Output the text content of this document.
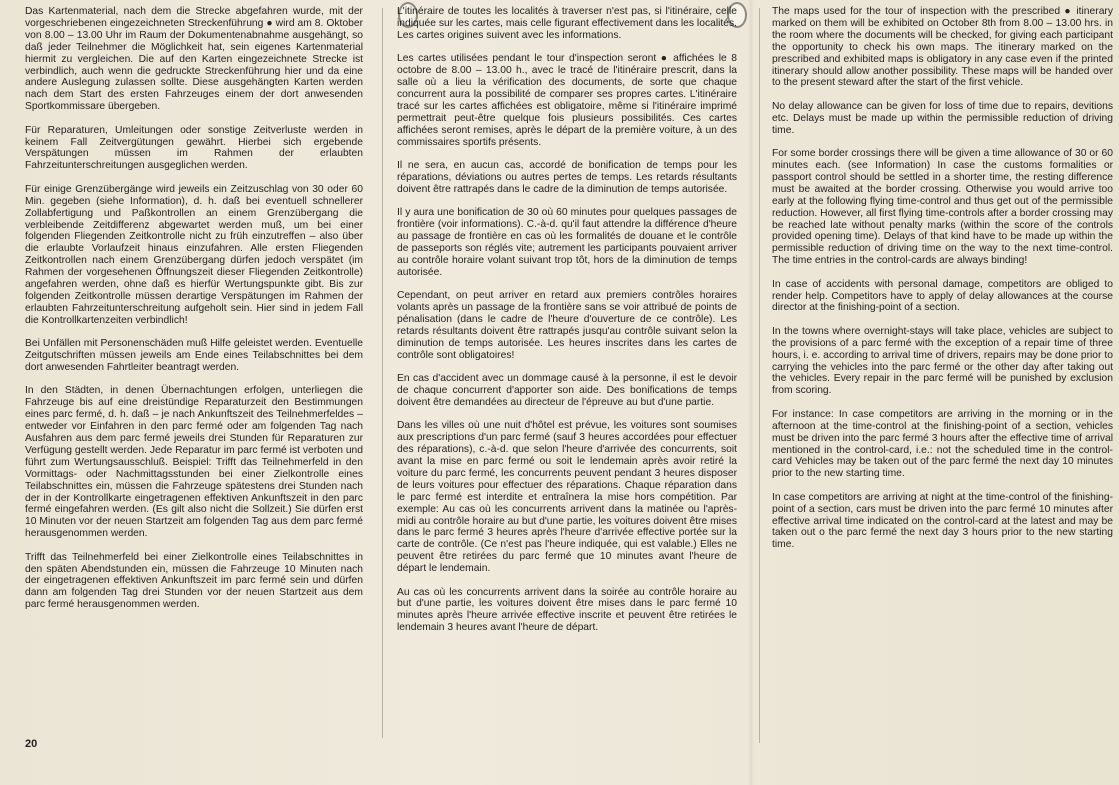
Das Kartenmaterial, nach dem die Strecke abgefahren wurde, mit der vorgeschriebenen eingezeichneten Streckenführung ● wird am 8. Oktober von 8.00 – 13.00 Uhr im Raum der Dokumentenabnahme ausgehängt, so daß jeder Teilnehmer die Möglichkeit hat, sein eigenes Kartenmaterial hiermit zu vergleichen. Die auf den Karten eingezeichnete Strecke ist verbindlich, auch wenn die gedruckte Streckenführung hier und da eine andere Auslegung zulassen sollte. Diese ausgehängten Karten werden nach dem Start des ersten Fahrzeuges einem der dort anwesenden Sportkommissare übergeben.

Für Reparaturen, Umleitungen oder sonstige Zeitverluste werden in keinem Fall Zeitvergütungen gewährt. Hierbei sich ergebende Verspätungen müssen im Rahmen der erlaubten Fahrzeitunterschreitungen ausgeglichen werden.

Für einige Grenzübergänge wird jeweils ein Zeitzuschlag von 30 oder 60 Min. gegeben (siehe Information), d. h. daß bei eventuell schnellerer Zollabfertigung und Paßkontrollen an einem Grenzübergang die verbleibende Zeitdifferenz abgewartet werden muß, um bei einer folgenden Fliegenden Zeitkontrolle nicht zu früh einzutreffen – also über die erlaubte Vorlaufzeit hinaus einzufahren. Alle ersten Fliegenden Zeitkontrollen nach einem Grenzübergang dürfen jedoch verspätet (im Rahmen der vorgesehenen Öffnungszeit dieser Fliegenden Zeitkontrolle) angefahren werden, ohne daß es hierfür Wertungspunkte gibt. Bis zur folgenden Zeitkontrolle müssen derartige Verspätungen im Rahmen der erlaubten Fahrzeitunterschreitung aufgeholt sein. Hier sind in jedem Fall die Kontrollkartenzeiten verbindlich!

Bei Unfällen mit Personenschäden muß Hilfe geleistet werden. Eventuelle Zeitgutschriften müssen jeweils am Ende eines Teilabschnittes bei dem dort anwesenden Fahrtleiter beantragt werden.

In den Städten, in denen Übernachtungen erfolgen, unterliegen die Fahrzeuge bis auf eine dreistündige Reparaturzeit den Bestimmungen eines parc fermé, d. h. daß – je nach Ankunftszeit des Teilnehmerfeldes – entweder vor Einfahren in den parc fermé oder am folgenden Tag nach Ausfahren aus dem parc fermé jeweils drei Stunden für Reparaturen zur Verfügung gestellt werden. Jede Reparatur im parc fermé ist verboten und führt zum Wertungsausschluß. Beispiel: Trifft das Teilnehmerfeld in den Vormittags- oder Nachmittagsstunden bei einer Zielkontrolle eines Teilabschnittes ein, müssen die Fahrzeuge spätestens drei Stunden nach der in der Kontrollkarte eingetragenen effektiven Ankunftszeit in den parc fermé eingefahren werden. (Es gilt also nicht die Sollzeit.) Sie dürfen erst 10 Minuten vor der neuen Startzeit am folgenden Tag aus dem parc fermé herausgenommen werden.

Trifft das Teilnehmerfeld bei einer Zielkontrolle eines Teilabschnittes in den späten Abendstunden ein, müssen die Fahrzeuge 10 Minuten nach der eingetragenen effektiven Ankunftszeit im parc fermé sein und dürfen dann am folgenden Tag drei Stunden vor der neuen Startzeit aus dem parc fermé herausgenommen werden.

L'itinéraire de toutes les localités à traverser n'est pas, si l'itinéraire, celle indiquée sur les cartes, mais celle figurant effectivement dans les localités. Les cartes origines suivent avec les informations.

Les cartes utilisées pendant le tour d'inspection seront ● affichées le 8 octobre de 8.00 – 13.00 h., avec le tracé de l'itinéraire prescrit, dans la salle où a lieu la vérification des documents, de sorte que chaque concurrent aura la possibilité de comparer ses propres cartes. L'itinéraire tracé sur les cartes affichées est obligatoire, même si l'itinéraire imprimé permettrait peut-être quelque fois plusieurs possibilités. Ces cartes affichées seront remises, après le départ de la première voiture, à un des commissaires sportifs présents.

Il ne sera, en aucun cas, accordé de bonification de temps pour les réparations, déviations ou autres pertes de temps. Les retards résultants doivent être rattrapés dans le cadre de la diminution de temps autorisée.

Il y aura une bonification de 30 où 60 minutes pour quelques passages de frontière (voir informations). C.-à-d. qu'il faut attendre la différence d'heure au passage de frontière en cas où les formalités de douane et le contrôle de passeports son réglés vite; autrement les participants pouvaient arriver au contrôle horaire volant suivant trop tôt, hors de la diminution de temps autorisée.

Cependant, on peut arriver en retard aux premiers contrôles horaires volants après un passage de la frontière sans se voir attribué de points de pénalisation (dans le cadre de l'heure d'ouverture de ce contrôle). Les retards résultants doivent être rattrapés jusqu'au contrôle suivant selon la diminution de temps autorisée. Les heures inscrites dans les cartes de contrôle sont obligatoires!

En cas d'accident avec un dommage causé à la personne, il est le devoir de chaque concurrent d'apporter son aide. Des bonifications de temps doivent être demandées au directeur de l'épreuve au but d'une partie.

Dans les villes où une nuit d'hôtel est prévue, les voitures sont soumises aux prescriptions d'un parc fermé (sauf 3 heures accordées pour effectuer des réparations), c.-à-d. que selon l'heure d'arrivée des concurrents, soit avant la mise en parc fermé ou soit le lendemain après avoir retiré la voiture du parc fermé, les concurrents peuvent pendant 3 heures disposer de leurs voitures pour effectuer des réparations. Chaque réparation dans le parc fermé est interdite et entraînera la mise hors compétition. Par exemple: Au cas où les concurrents arrivent dans la matinée ou l'après-midi au contrôle horaire au but d'une partie, les voitures doivent être mises dans le parc fermé 3 heures après l'heure d'arrivée effective portée sur la carte de contrôle. (Ce n'est pas l'heure indiquée, qui est valable.) Elles ne peuvent être retirées du parc fermé que 10 minutes avant l'heure de départ le lendemain.

Au cas où les concurrents arrivent dans la soirée au contrôle horaire au but d'une partie, les voitures doivent être mises dans le parc fermé 10 minutes après l'heure arrivée effective inscrite et peuvent être retirées le lendemain 3 heures avant l'heure de départ.

The maps used for the tour of inspection with the prescribed ● itinerary marked on them will be exhibited on October 8th from 8.00 – 13.00 hrs. in the room where the documents will be checked, for giving each participant the opportunity to check his own maps. The itinerary marked on the prescribed and exhibited maps is obligatory in any case even if the printed itinerary should allow another possibility. These maps will be handed over to the present steward after the start of the first vehicle.

No delay allowance can be given for loss of time due to repairs, devitions etc. Delays must be made up within the permissible reduction of driving time.

For some border crossings there will be given a time allowance of 30 or 60 minutes each. (see Information) In case the customs formalities or passport control should be settled in a shorter time, the resting difference must be awaited at the border crossing. Otherwise you would arrive too early at the following flying time-control and thus get out of the permissible reduction. However, all first flying time-controls after a border crossing may be reached late without penalty marks (within the score of the controls provided opening time). Delays of that kind have to be made up within the permissible reduction of driving time on the way to the next time-control. The time entries in the control-cards are always binding!

In case of accidents with personal damage, competitors are obliged to render help. Competitors have to apply of delay allowances at the course director at the finishing-point of a section.

In the towns where overnight-stays will take place, vehicles are subject to the provisions of a parc fermé with the exception of a repair time of three hours, i. e. according to arrival time of drivers, repairs may be done prior to carrying the vehicles into the parc fermé or the other day after taking out the vehicles. Every repair in the parc fermé will be punished by exclusion from scoring.

For instance: In case competitors are arriving in the morning or in the afternoon at the time-control at the finishing-point of a section, vehicles must be driven into the parc fermé 3 hours after the effective time of arrival mentioned in the control-card, i.e.: not the scheduled time in the control-card Vehicles may be taken out of the parc fermé the next day 10 minutes prior to the new starting time.

In case competitors are arriving at night at the time-control of the finishing-point of a section, cars must be driven into the parc fermé 10 minutes after effective arrival time indicated on the control-card at the latest and may be taken out o the parc fermé the next day 3 hours prior to the new starting time.

20
